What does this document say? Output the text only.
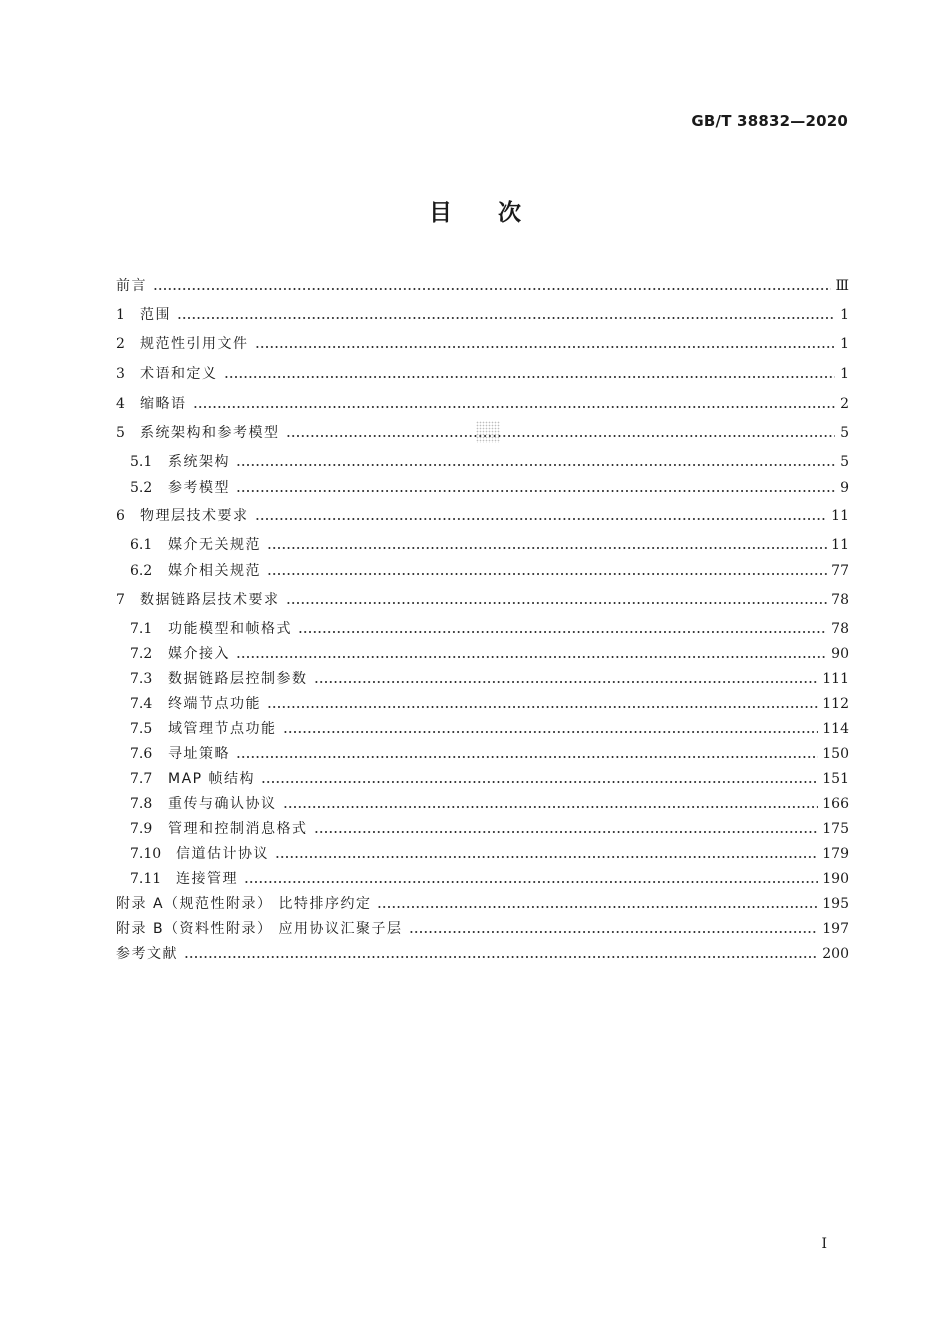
GB/T 38832—2020
目次
前言	Ⅲ
1	范围	1
2	规范性引用文件	1
3	术语和定义	1
4	缩略语	2
5	系统架构和参考模型	5
5.1	系统架构	5
5.2	参考模型	9
6	物理层技术要求	11
6.1	媒介无关规范	11
6.2	媒介相关规范	77
7	数据链路层技术要求	78
7.1	功能模型和帧格式	78
7.2	媒介接入	90
7.3	数据链路层控制参数	111
7.4	终端节点功能	112
7.5	域管理节点功能	114
7.6	寻址策略	150
7.7	MAP 帧结构	151
7.8	重传与确认协议	166
7.9	管理和控制消息格式	175
7.10	信道估计协议	179
7.11	连接管理	190
附录 A（规范性附录） 比特排序约定	195
附录 B（资料性附录） 应用协议汇聚子层	197
参考文献	200
I
